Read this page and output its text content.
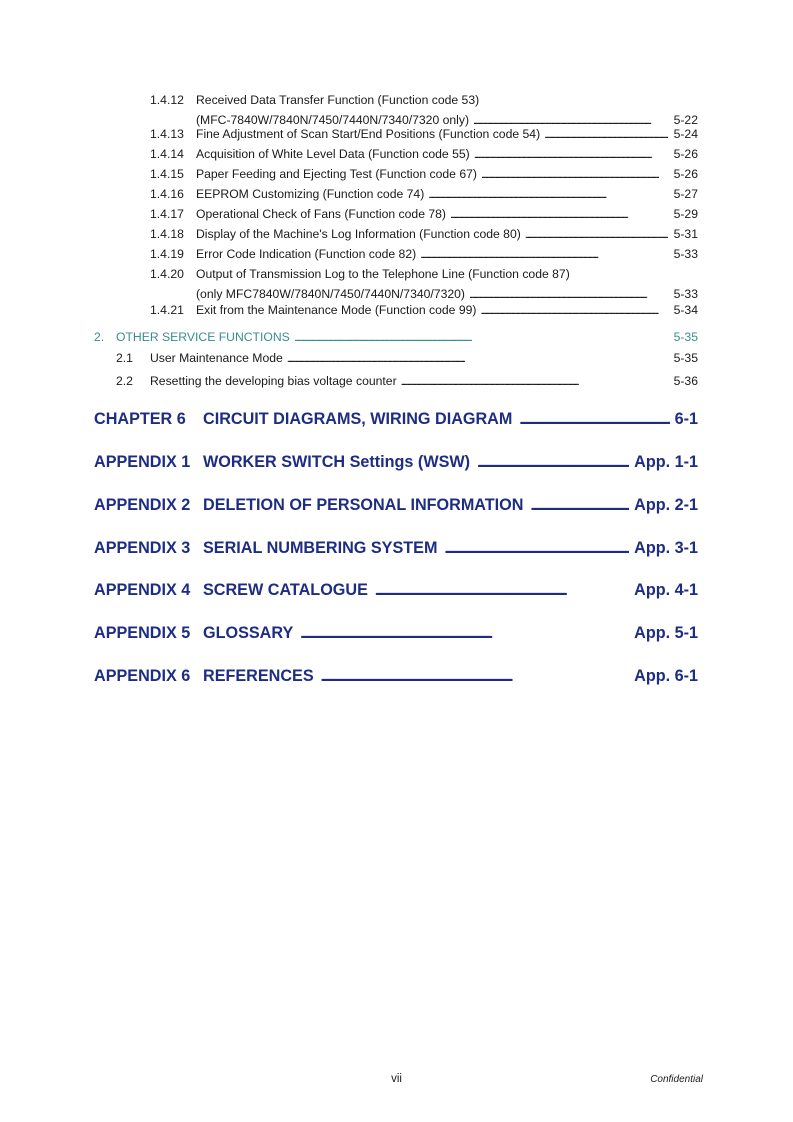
1.4.12 Received Data Transfer Function (Function code 53)
(MFC-7840W/7840N/7450/7440N/7340/7320 only) . . .	5-22
1.4.13 Fine Adjustment of Scan Start/End Positions (Function code 54) . . .	5-24
1.4.14 Acquisition of White Level Data (Function code 55) . . .	5-26
1.4.15 Paper Feeding and Ejecting Test (Function code 67) . . .	5-26
1.4.16 EEPROM Customizing (Function code 74) . . .	5-27
1.4.17 Operational Check of Fans (Function code 78) . . .	5-29
1.4.18 Display of the Machine's Log Information (Function code 80) . . .	5-31
1.4.19 Error Code Indication (Function code 82) . . .	5-33
1.4.20 Output of Transmission Log to the Telephone Line (Function code 87)
(only MFC7840W/7840N/7450/7440N/7340/7320) . . .	5-33
1.4.21 Exit from the Maintenance Mode (Function code 99) . . .	5-34
2. OTHER SERVICE FUNCTIONS . . .	5-35
2.1	User Maintenance Mode . . .	5-35
2.2	Resetting the developing bias voltage counter . . .	5-36
CHAPTER 6	CIRCUIT DIAGRAMS, WIRING DIAGRAM . . .	6-1
APPENDIX 1 WORKER SWITCH Settings (WSW) . . .	App. 1-1
APPENDIX 2 DELETION OF PERSONAL INFORMATION . . .	App. 2-1
APPENDIX 3 SERIAL NUMBERING SYSTEM . . .	App. 3-1
APPENDIX 4 SCREW CATALOGUE . . .	App. 4-1
APPENDIX 5 GLOSSARY . . .	App. 5-1
APPENDIX 6 REFERENCES . . .	App. 6-1
vii	Confidential
